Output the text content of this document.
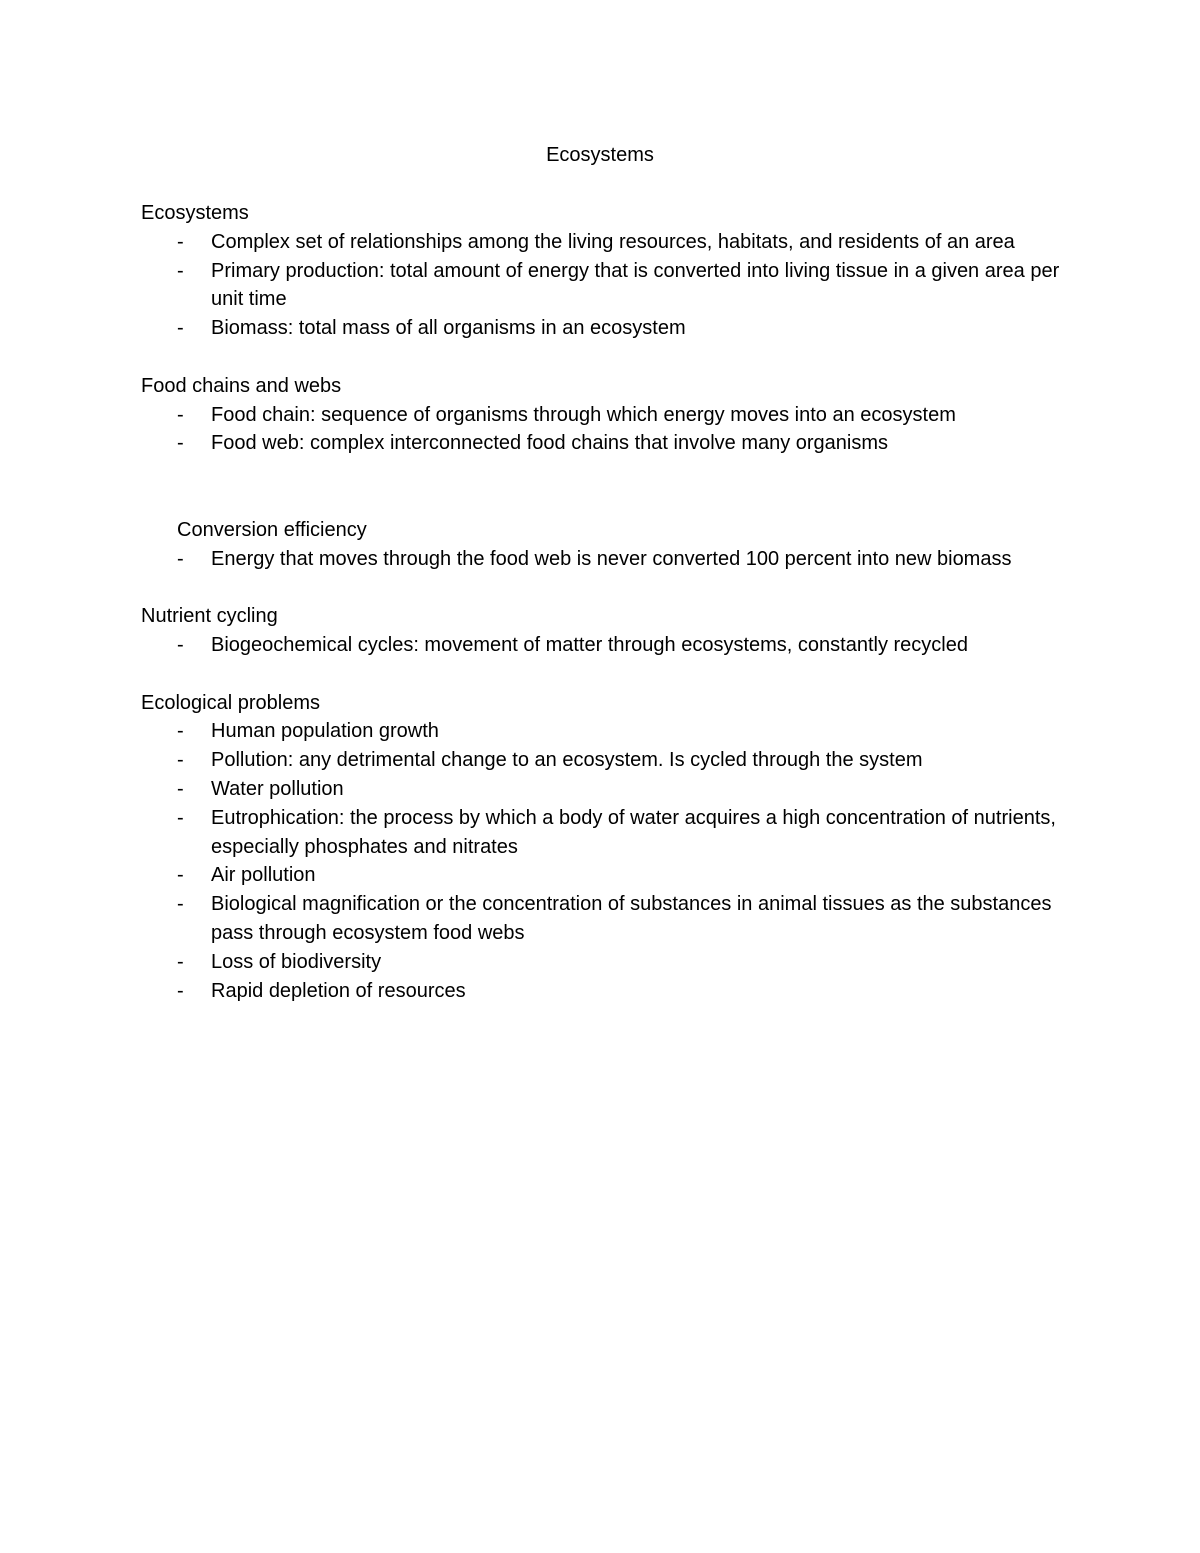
Ecosystems

Ecosystems

-	Complex set of relationships among the living resources, habitats, and residents of an area
-	Primary production: total amount of energy that is converted into living tissue in a given area per unit time
-	Biomass: total mass of all organisms in an ecosystem

Food chains and webs

-	Food chain: sequence of organisms through which energy moves into an ecosystem
-	Food web: complex interconnected food chains that involve many organisms

Conversion efficiency

-	Energy that moves through the food web is never converted 100 percent into new biomass

Nutrient cycling

-	Biogeochemical cycles: movement of matter through ecosystems, constantly recycled

Ecological problems

-	Human population growth
-	Pollution: any detrimental change to an ecosystem. Is cycled through the system
-	Water pollution
-	Eutrophication: the process by which a body of water acquires a high concentration of nutrients, especially phosphates and nitrates
-	Air pollution
-	Biological magnification or the concentration of substances in animal tissues as the substances pass through ecosystem food webs
-	Loss of biodiversity
-	Rapid depletion of resources
